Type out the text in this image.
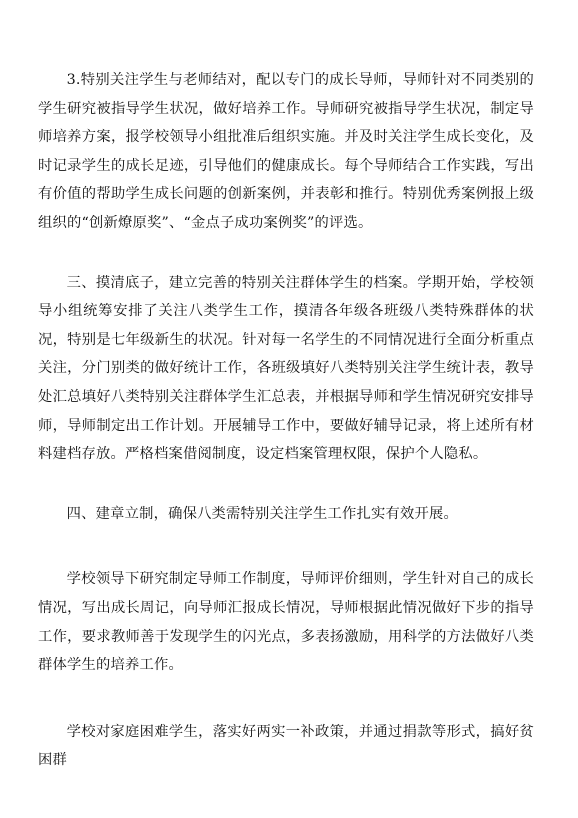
3.特别关注学生与老师结对，配以专门的成长导师，导师针对不同类别的学生研究被指导学生状况，做好培养工作。导师研究被指导学生状况，制定导师培养方案，报学校领导小组批准后组织实施。并及时关注学生成长变化，及时记录学生的成长足迹，引导他们的健康成长。每个导师结合工作实践，写出有价值的帮助学生成长问题的创新案例，并表彰和推行。特别优秀案例报上级组织的“创新燎原奖”、“金点子成功案例奖”的评选。

三、摸清底子，建立完善的特别关注群体学生的档案。学期开始，学校领导小组统筹安排了关注八类学生工作，摸清各年级各班级八类特殊群体的状况，特别是七年级新生的状况。针对每一名学生的不同情况进行全面分析重点关注，分门别类的做好统计工作，各班级填好八类特别关注学生统计表，教导处汇总填好八类特别关注群体学生汇总表，并根据导师和学生情况研究安排导师，导师制定出工作计划。开展辅导工作中，要做好辅导记录，将上述所有材料建档存放。严格档案借阅制度，设定档案管理权限，保护个人隐私。

四、建章立制，确保八类需特别关注学生工作扎实有效开展。

学校领导下研究制定导师工作制度，导师评价细则，学生针对自己的成长情况，写出成长周记，向导师汇报成长情况，导师根据此情况做好下步的指导工作，要求教师善于发现学生的闪光点，多表扬激励，用科学的方法做好八类群体学生的培养工作。

学校对家庭困难学生，落实好两实一补政策，并通过捐款等形式，搞好贫困群
